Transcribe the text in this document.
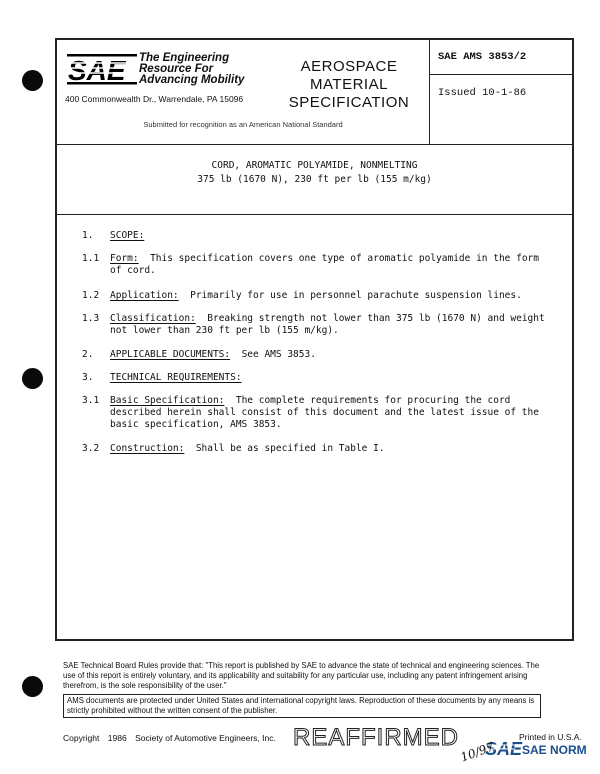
SAE The Engineering
Resource For
Advancing Mobility
400 Commonwealth Dr., Warrendale, PA 15096
AEROSPACE
MATERIAL
SPECIFICATION
Submitted for recognition as an American National Standard
SAE AMS 3853/2
Issued 10-1-86
CORD, AROMATIC POLYAMIDE, NONMELTING
375 lb (1670 N), 230 ft per lb (155 m/kg)
1. SCOPE:
1.1 Form: This specification covers one type of aromatic polyamide in the form
of cord.
1.2 Application: Primarily for use in personnel parachute suspension lines.
1.3 Classification: Breaking strength not lower than 375 lb (1670 N) and weight
not lower than 230 ft per lb (155 m/kg).
2. APPLICABLE DOCUMENTS: See AMS 3853.
3. TECHNICAL REQUIREMENTS:
3.1 Basic Specification: The complete requirements for procuring the cord
described herein shall consist of this document and the latest issue of the
basic specification, AMS 3853.
3.2 Construction: Shall be as specified in Table I.
SAE Technical Board Rules provide that: "This report is published by SAE to advance the state of technical and engineering sciences. The use of this report is entirely voluntary, and its applicability and suitability for any particular use, including any patent infringement arising therefrom, is the sole responsibility of the user."
AMS documents are protected under United States and international copyright laws. Reproduction of these documents by any means is strictly prohibited without the written consent of the publisher.
Copyright 1986 Society of Automotive Engineers, Inc. REAFFIRMED	Printed in U.S.A.
SAE SAE NORM
10/97
